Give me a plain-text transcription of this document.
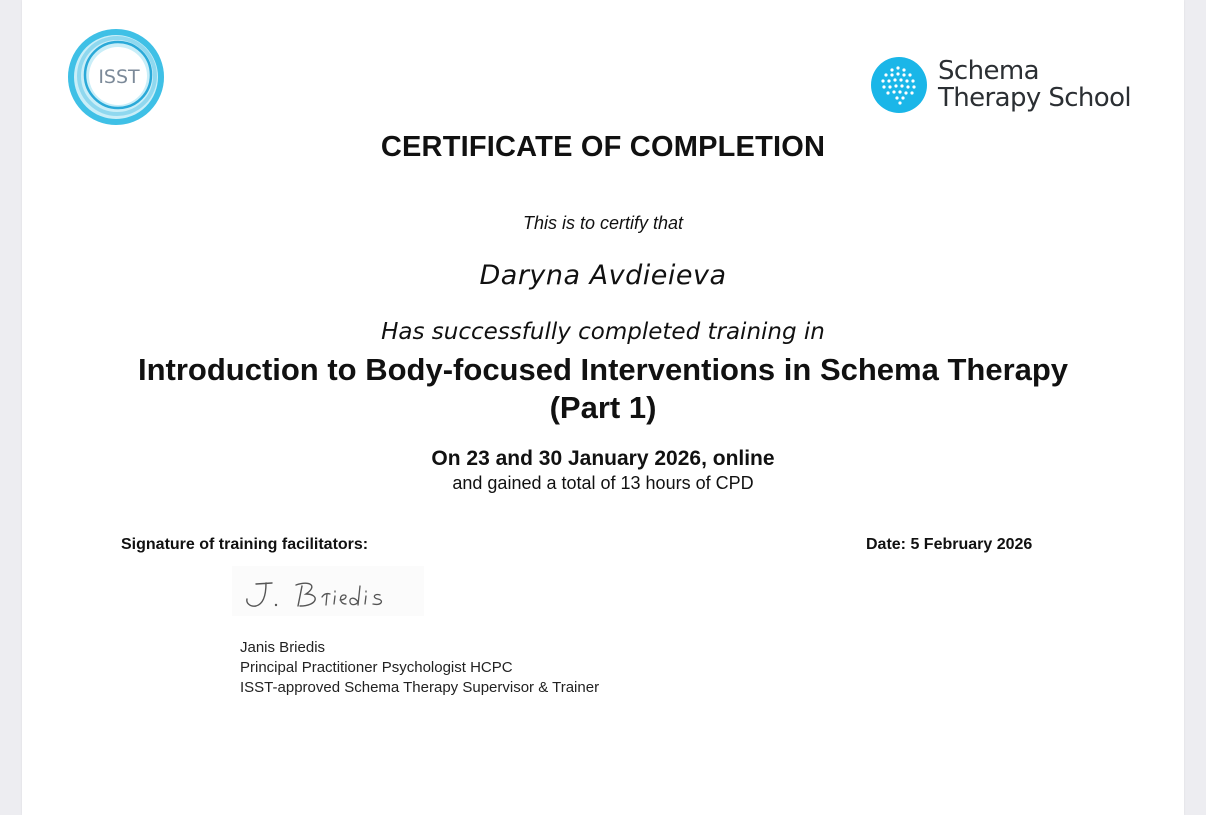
ISST	Schema
Therapy School
CERTIFICATE OF COMPLETION
This is to certify that
Daryna Avdieieva
Has successfully completed training in
Introduction to Body-focused Interventions in Schema Therapy
(Part 1)
On 23 and 30 January 2026, online
and gained a total of 13 hours of CPD
Signature of training facilitators:	Date: 5 February 2026
Janis Briedis
Principal Practitioner Psychologist HCPC
ISST-approved Schema Therapy Supervisor & Trainer
